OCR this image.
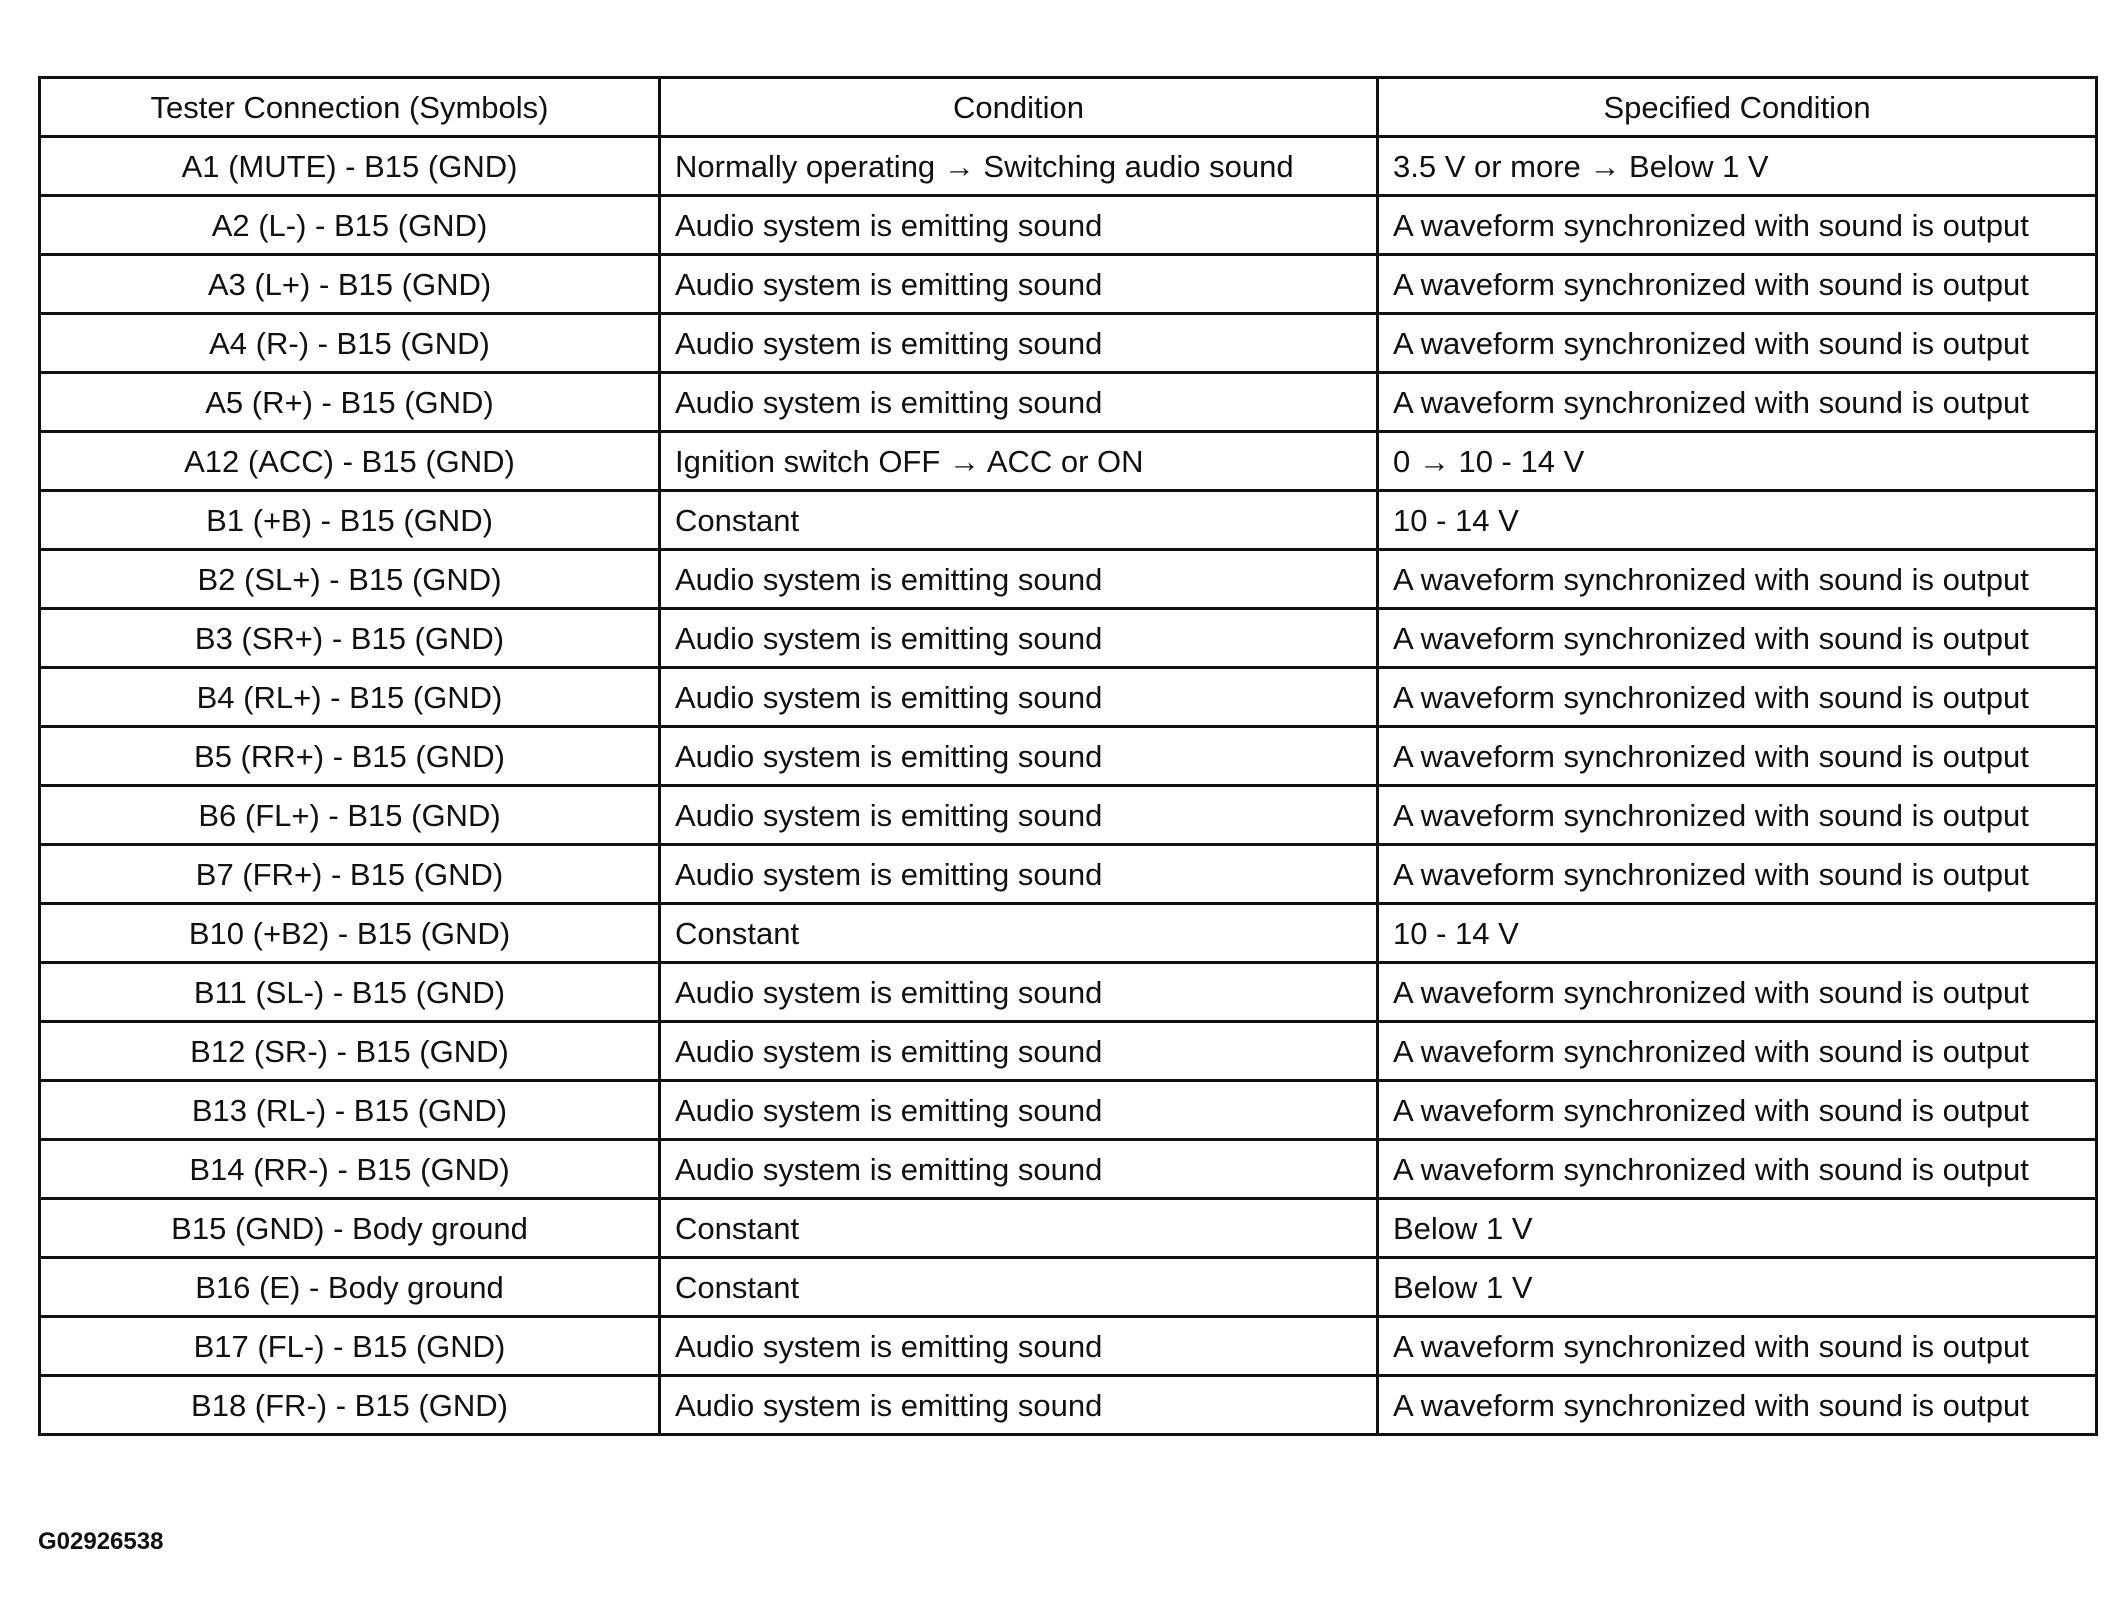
Tester Connection (Symbols)	Condition	Specified Condition
A1 (MUTE) - B15 (GND)	Normally operating → Switching audio sound	3.5 V or more → Below 1 V
A2 (L-) - B15 (GND)	Audio system is emitting sound	A waveform synchronized with sound is output
A3 (L+) - B15 (GND)	Audio system is emitting sound	A waveform synchronized with sound is output
A4 (R-) - B15 (GND)	Audio system is emitting sound	A waveform synchronized with sound is output
A5 (R+) - B15 (GND)	Audio system is emitting sound	A waveform synchronized with sound is output
A12 (ACC) - B15 (GND)	Ignition switch OFF → ACC or ON	0 → 10 - 14 V
B1 (+B) - B15 (GND)	Constant	10 - 14 V
B2 (SL+) - B15 (GND)	Audio system is emitting sound	A waveform synchronized with sound is output
B3 (SR+) - B15 (GND)	Audio system is emitting sound	A waveform synchronized with sound is output
B4 (RL+) - B15 (GND)	Audio system is emitting sound	A waveform synchronized with sound is output
B5 (RR+) - B15 (GND)	Audio system is emitting sound	A waveform synchronized with sound is output
B6 (FL+) - B15 (GND)	Audio system is emitting sound	A waveform synchronized with sound is output
B7 (FR+) - B15 (GND)	Audio system is emitting sound	A waveform synchronized with sound is output
B10 (+B2) - B15 (GND)	Constant	10 - 14 V
B11 (SL-) - B15 (GND)	Audio system is emitting sound	A waveform synchronized with sound is output
B12 (SR-) - B15 (GND)	Audio system is emitting sound	A waveform synchronized with sound is output
B13 (RL-) - B15 (GND)	Audio system is emitting sound	A waveform synchronized with sound is output
B14 (RR-) - B15 (GND)	Audio system is emitting sound	A waveform synchronized with sound is output
B15 (GND) - Body ground	Constant	Below 1 V
B16 (E) - Body ground	Constant	Below 1 V
B17 (FL-) - B15 (GND)	Audio system is emitting sound	A waveform synchronized with sound is output
B18 (FR-) - B15 (GND)	Audio system is emitting sound	A waveform synchronized with sound is output
G02926538
